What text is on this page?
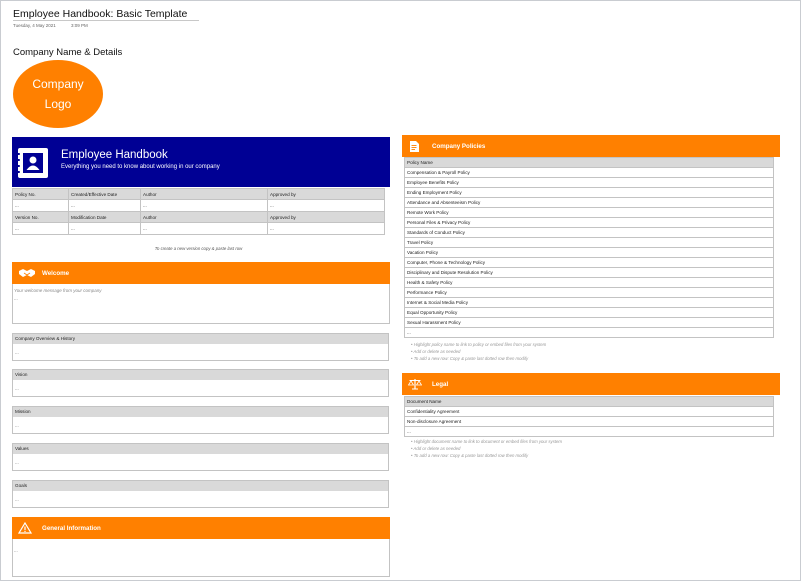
Employee Handbook: Basic Template
Tuesday, 4 May 2021	3:09 PM
Company Name & Details
Company
Logo
Employee Handbook
Everything you need to know about working in our company
Policy No.	Created/Effective Date	Author	Approved by
...	...	...	...
Version No.	Modification Date	Author	Approved by
...	...	...	...
To create a new version copy & paste last row
Welcome
Your welcome message from your company
...
Company Overview & History
...
Vision
...
Mission
...
Values
...
Goals
...
General Information
...
Company Policies
Policy Name
Compensation & Payroll Policy
Employee Benefits Policy
Ending Employment Policy
Attendance and Absenteeism Policy
Remote Work Policy
Personal Files & Privacy Policy
Standards of Conduct Policy
Travel Policy
Vacation Policy
Computer, Phone & Technology Policy
Disciplinary and Dispute Resolution Policy
Health & Safety Policy
Performance Policy
Internet & Social Media Policy
Equal Opportunity Policy
Sexual Harassment Policy
...
• Highlight policy name to link to policy or embed files from your system
• Add or delete as needed
• To add a new row: Copy & paste last dotted row then modify
Legal
Document Name
Confidentiality Agreement
Non-disclosure Agreement
...
• Highlight document name to link to document or embed files from your system
• Add or delete as needed
• To add a new row: Copy & paste last dotted row then modify
